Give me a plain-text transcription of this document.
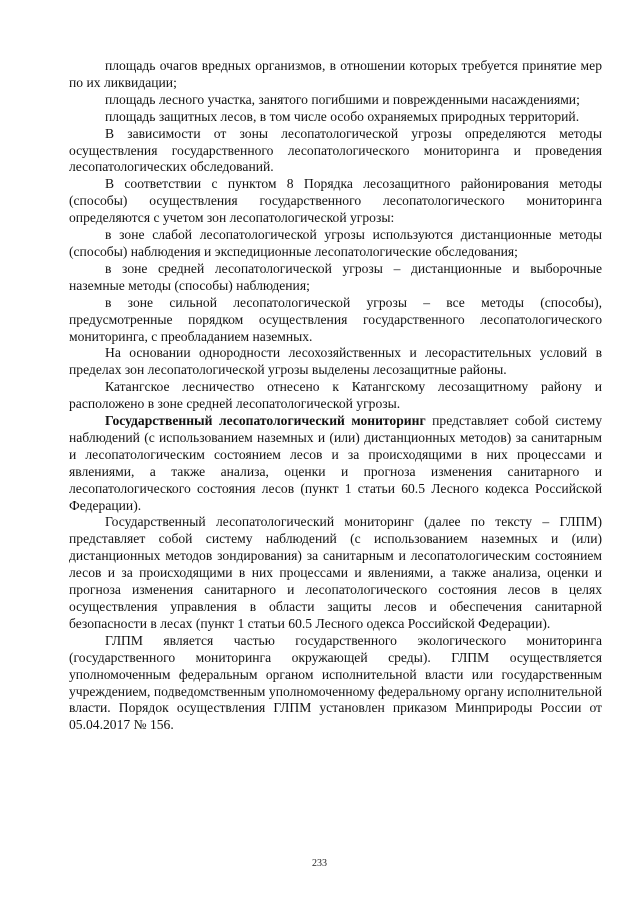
площадь очагов вредных организмов, в отношении которых требуется принятие мер по их ликвидации;

площадь лесного участка, занятого погибшими и поврежденными насаждениями;

площадь защитных лесов, в том числе особо охраняемых природных территорий.

В зависимости от зоны лесопатологической угрозы определяются методы осуществления государственного лесопатологического мониторинга и проведения лесопатологических обследований.

В соответствии с пунктом 8 Порядка лесозащитного районирования методы (способы) осуществления государственного лесопатологического мониторинга определяются с учетом зон лесопатологической угрозы:

в зоне слабой лесопатологической угрозы используются дистанционные методы (способы) наблюдения и экспедиционные лесопатологические обследования;

в зоне средней лесопатологической угрозы – дистанционные и выборочные наземные методы (способы) наблюдения;

в зоне сильной лесопатологической угрозы – все методы (способы), предусмотренные порядком осуществления государственного лесопатологического мониторинга, с преобладанием наземных.

На основании однородности лесохозяйственных и лесорастительных условий в пределах зон лесопатологической угрозы выделены лесозащитные районы.

Катангское лесничество отнесено к Катангскому лесозащитному району и расположено в зоне средней лесопатологической угрозы.

Государственный лесопатологический мониторинг представляет собой систему наблюдений (с использованием наземных и (или) дистанционных методов) за санитарным и лесопатологическим состоянием лесов и за происходящими в них процессами и явлениями, а также анализа, оценки и прогноза изменения санитарного и лесопатологического состояния лесов (пункт 1 статьи 60.5 Лесного кодекса Российской Федерации).

Государственный лесопатологический мониторинг (далее по тексту – ГЛПМ) представляет собой систему наблюдений (с использованием наземных и (или) дистанционных методов зондирования) за санитарным и лесопатологическим состоянием лесов и за происходящими в них процессами и явлениями, а также анализа, оценки и прогноза изменения санитарного и лесопатологического состояния лесов в целях осуществления управления в области защиты лесов и обеспечения санитарной безопасности в лесах (пункт 1 статьи 60.5 Лесного одекса Российской Федерации).

ГЛПМ является частью государственного экологического мониторинга (государственного мониторинга окружающей среды). ГЛПМ осуществляется уполномоченным федеральным органом исполнительной власти или государственным учреждением, подведомственным уполномоченному федеральному органу исполнительной власти. Порядок осуществления ГЛПМ установлен приказом Минприроды России от 05.04.2017 № 156.

233
